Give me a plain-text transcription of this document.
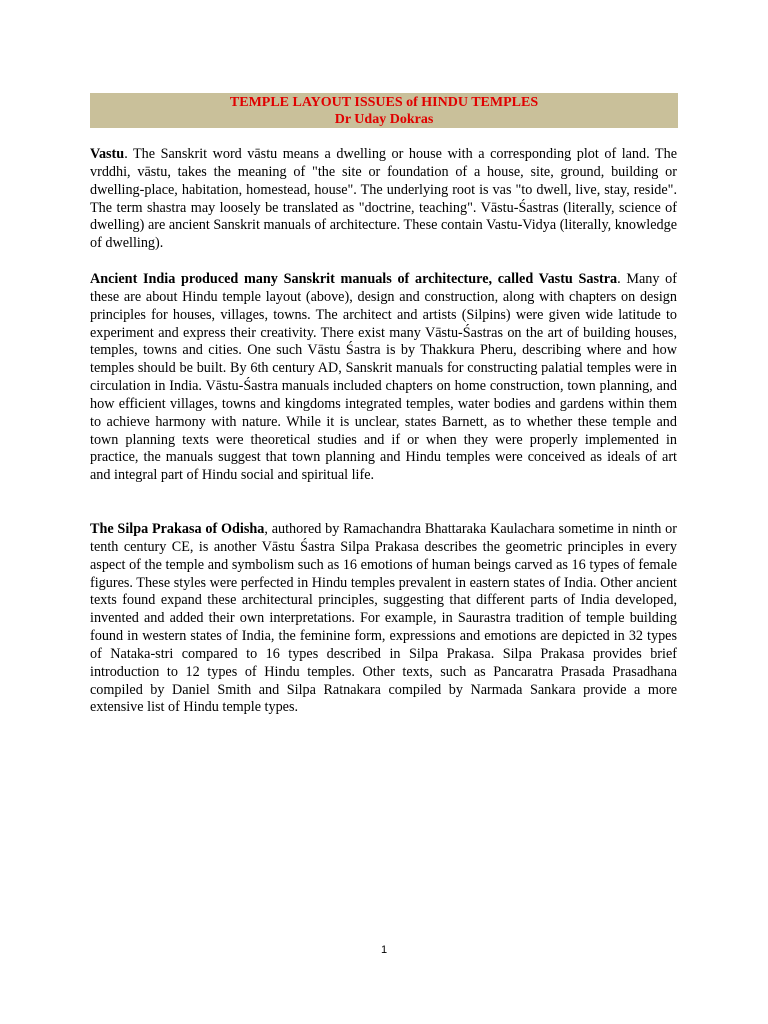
TEMPLE LAYOUT ISSUES of HINDU TEMPLES
Dr Uday Dokras

Vastu. The Sanskrit word vāstu means a dwelling or house with a corresponding plot of land. The vrddhi, vāstu, takes the meaning of "the site or foundation of a house, site, ground, building or dwelling-place, habitation, homestead, house". The underlying root is vas "to dwell, live, stay, reside". The term shastra may loosely be translated as "doctrine, teaching". Vāstu-Śastras (literally, science of dwelling) are ancient Sanskrit manuals of architecture. These contain Vastu-Vidya (literally, knowledge of dwelling).

Ancient India produced many Sanskrit manuals of architecture, called Vastu Sastra. Many of these are about Hindu temple layout (above), design and construction, along with chapters on design principles for houses, villages, towns. The architect and artists (Silpins) were given wide latitude to experiment and express their creativity. There exist many Vāstu-Śastras on the art of building houses, temples, towns and cities. One such Vāstu Śastra is by Thakkura Pheru, describing where and how temples should be built. By 6th century AD, Sanskrit manuals for constructing palatial temples were in circulation in India. Vāstu-Śastra manuals included chapters on home construction, town planning, and how efficient villages, towns and kingdoms integrated temples, water bodies and gardens within them to achieve harmony with nature. While it is unclear, states Barnett, as to whether these temple and town planning texts were theoretical studies and if or when they were properly implemented in practice, the manuals suggest that town planning and Hindu temples were conceived as ideals of art and integral part of Hindu social and spiritual life.

The Silpa Prakasa of Odisha, authored by Ramachandra Bhattaraka Kaulachara sometime in ninth or tenth century CE, is another Vāstu Śastra Silpa Prakasa describes the geometric principles in every aspect of the temple and symbolism such as 16 emotions of human beings carved as 16 types of female figures. These styles were perfected in Hindu temples prevalent in eastern states of India. Other ancient texts found expand these architectural principles, suggesting that different parts of India developed, invented and added their own interpretations. For example, in Saurastra tradition of temple building found in western states of India, the feminine form, expressions and emotions are depicted in 32 types of Nataka-stri compared to 16 types described in Silpa Prakasa. Silpa Prakasa provides brief introduction to 12 types of Hindu temples. Other texts, such as Pancaratra Prasada Prasadhana compiled by Daniel Smith and Silpa Ratnakara compiled by Narmada Sankara provide a more extensive list of Hindu temple types.

1
